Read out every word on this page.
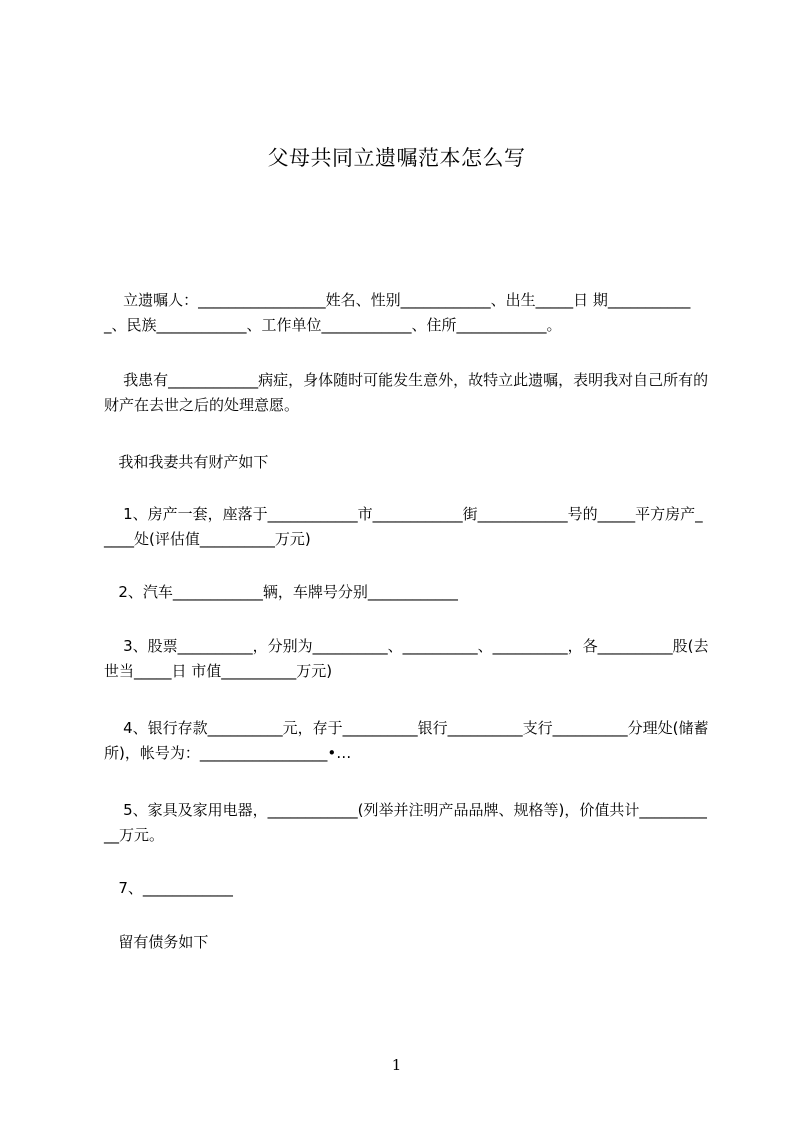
父母共同立遗嘱范本怎么写
立遗嘱人：_________________姓名、性别____________、出生_____日 期____________、民族____________、工作单位____________、住所____________。
我患有____________病症，身体随时可能发生意外，故特立此遗嘱，表明我对自己所有的财产在去世之后的处理意愿。
我和我妻共有财产如下
1、房产一套，座落于____________市____________街____________号的_____平方房产_____处(评估值__________万元)
2、汽车____________辆，车牌号分别____________
3、股票__________，分别为__________、__________、__________，各__________股(去世当_____日 市值__________万元)
4、银行存款__________元，存于__________银行__________支行__________分理处(储蓄所)，帐号为：_________________•…
5、家具及家用电器，____________(列举并注明产品品牌、规格等)，价值共计___________万元。
7、____________
留有债务如下
1
